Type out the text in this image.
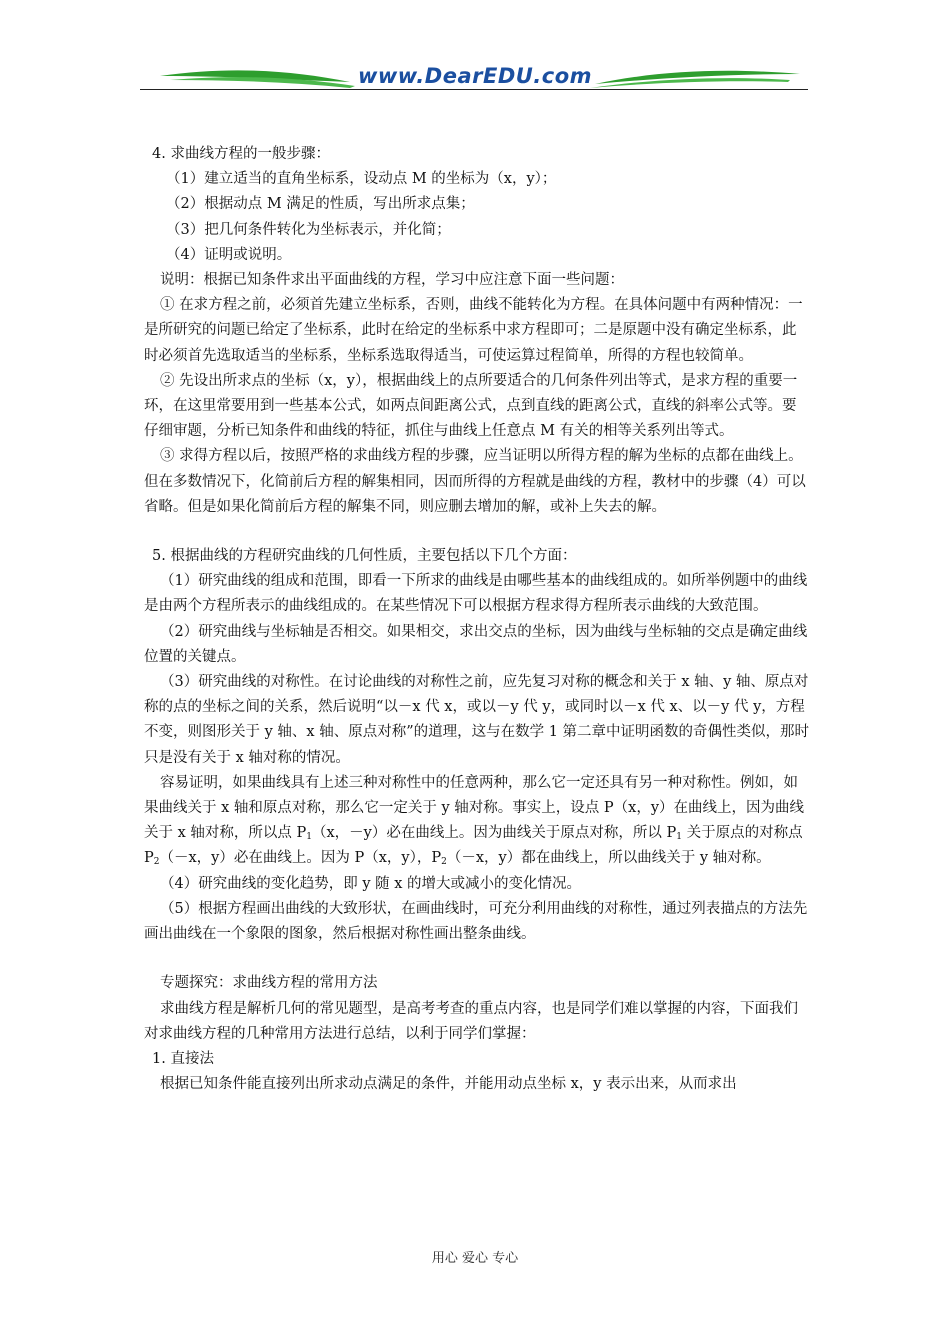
www.DearEDU.com

4. 求曲线方程的一般步骤：

（1）建立适当的直角坐标系，设动点 M 的坐标为（x，y）；

（2）根据动点 M 满足的性质，写出所求点集；

（3）把几何条件转化为坐标表示，并化简；

（4）证明或说明。

说明：根据已知条件求出平面曲线的方程，学习中应注意下面一些问题：

① 在求方程之前，必须首先建立坐标系，否则，曲线不能转化为方程。在具体问题中有两种情况：一是所研究的问题已给定了坐标系，此时在给定的坐标系中求方程即可；二是原题中没有确定坐标系，此时必须首先选取适当的坐标系，坐标系选取得适当，可使运算过程简单，所得的方程也较简单。

② 先设出所求点的坐标（x，y），根据曲线上的点所要适合的几何条件列出等式，是求方程的重要一环，在这里常要用到一些基本公式，如两点间距离公式，点到直线的距离公式，直线的斜率公式等。要仔细审题，分析已知条件和曲线的特征，抓住与曲线上任意点 M 有关的相等关系列出等式。

③ 求得方程以后，按照严格的求曲线方程的步骤，应当证明以所得方程的解为坐标的点都在曲线上。但在多数情况下，化简前后方程的解集相同，因而所得的方程就是曲线的方程，教材中的步骤（4）可以省略。但是如果化简前后方程的解集不同，则应删去增加的解，或补上失去的解。

5. 根据曲线的方程研究曲线的几何性质，主要包括以下几个方面：

（1）研究曲线的组成和范围，即看一下所求的曲线是由哪些基本的曲线组成的。如所举例题中的曲线是由两个方程所表示的曲线组成的。在某些情况下可以根据方程求得方程所表示曲线的大致范围。

（2）研究曲线与坐标轴是否相交。如果相交，求出交点的坐标，因为曲线与坐标轴的交点是确定曲线位置的关键点。

（3）研究曲线的对称性。在讨论曲线的对称性之前，应先复习对称的概念和关于 x 轴、y 轴、原点对称的点的坐标之间的关系，然后说明“以－x 代 x，或以－y 代 y，或同时以－x 代 x、以－y 代 y，方程不变，则图形关于 y 轴、x 轴、原点对称”的道理，这与在数学 1 第二章中证明函数的奇偶性类似，那时只是没有关于 x 轴对称的情况。

容易证明，如果曲线具有上述三种对称性中的任意两种，那么它一定还具有另一种对称性。例如，如果曲线关于 x 轴和原点对称，那么它一定关于 y 轴对称。事实上，设点 P（x，y）在曲线上，因为曲线关于 x 轴对称，所以点 $P_1(x$，－y）必在曲线上。因为曲线关于原点对称，所以 $P_1$ 关于原点的对称点 $P_2(-x$，y）必在曲线上。因为 P（x，y），$P_2(-x$，y）都在曲线上，所以曲线关于 y 轴对称。

（4）研究曲线的变化趋势，即 y 随 x 的增大或减小的变化情况。

（5）根据方程画出曲线的大致形状，在画曲线时，可充分利用曲线的对称性，通过列表描点的方法先画出曲线在一个象限的图象，然后根据对称性画出整条曲线。

专题探究：求曲线方程的常用方法

求曲线方程是解析几何的常见题型，是高考考查的重点内容，也是同学们难以掌握的内容，下面我们对求曲线方程的几种常用方法进行总结，以利于同学们掌握：

1. 直接法

根据已知条件能直接列出所求动点满足的条件，并能用动点坐标 x，y 表示出来，从而求出

用心 爱心 专心
